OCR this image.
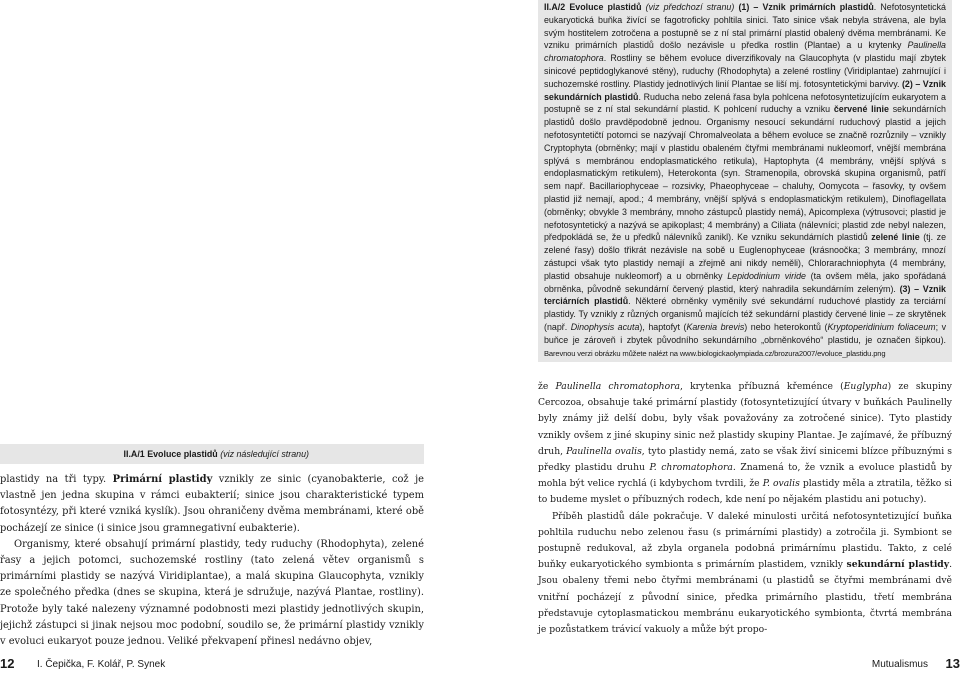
II.A/2 Evoluce plastidů (viz předchozí stranu) (1) – Vznik primárních plastidů. Nefotosyntetická eukaryotická buňka živící se fagotroficky pohltila sinici. Tato sinice však nebyla strávena, ale byla svým hostitelem zotročena a postupně se z ní stal primární plastid obalený dvěma membránami. Ke vzniku primárních plastidů došlo nezávisle u předka rostlin (Plantae) a u krytenky Paulinella chromatophora. Rostliny se během evoluce diverzifikovaly na Glaucophyta (v plastidu mají zbytek sinicové peptidoglykanové stěny), ruduchy (Rhodophyta) a zelené rostliny (Viridiplantae) zahrnující i suchozemské rostliny. Plastidy jednotlivých linií Plantae se liší mj. fotosyntetickými barvivy. (2) – Vznik sekundárních plastidů. Ruducha nebo zelená řasa byla pohlcena nefotosyntetizujícím eukaryotem a postupně se z ní stal sekundární plastid. K pohlcení ruduchy a vzniku červené linie sekundárních plastidů došlo pravděpodobně jednou. Organismy nesoucí sekundární ruduchový plastid a jejich nefotosyntetičtí potomci se nazývají Chromalveolata a během evoluce se značně rozrůznily – vznikly Cryptophyta (obrněnky; mají v plastidu obaleném čtyřmi membránami nukleomorf, vnější membrána splývá s membránou endoplasmatického retikula), Haptophyta (4 membrány, vnější splývá s endoplasmatickým retikulem), Heterokonta (syn. Stramenopila, obrovská skupina organismů, patří sem např. Bacillariophyceae – rozsivky, Phaeophyceae – chaluhy, Oomycota – řasovky, ty ovšem plastid již nemají, apod.; 4 membrány, vnější splývá s endoplasmatickým retikulem), Dinoflagellata (obrněnky; obvykle 3 membrány, mnoho zástupců plastidy nemá), Apicomplexa (výtrusovci; plastid je nefotosyntetický a nazývá se apikoplast; 4 membrány) a Ciliata (nálevníci; plastid zde nebyl nalezen, předpokládá se, že u předků nálevníků zanikl). Ke vzniku sekundárních plastidů zelené linie (tj. ze zelené řasy) došlo třikrát nezávisle na sobě u Euglenophyceae (krásnoočka; 3 membrány, mnozí zástupci však tyto plastidy nemají a zřejmě ani nikdy neměli), Chlorarachniophyta (4 membrány, plastid obsahuje nukleomorf) a u obrněnky Lepidodinium viride (ta ovšem měla, jako spořádaná obrněnka, původně sekundární červený plastid, který nahradila sekundárním zeleným). (3) – Vznik terciárních plastidů. Některé obrněnky vyměnily své sekundární ruduchové plastidy za terciární plastidy. Ty vznikly z různých organismů majících též sekundární plastidy červené linie – ze skrytěnek (např. Dinophysis acuta), haptofyt (Karenia brevis) nebo heterokontů (Kryptoperidinium foliaceum; v buňce je zároveň i zbytek původního sekundárního „obrněnkového“ plastidu, je označen šipkou). Barevnou verzi obrázku můžete nalézt na www.biologickaolympiada.cz/brozura2007/evoluce_plastidu.png

II.A/1 Evoluce plastidů (viz následující stranu)

plastidy na tři typy. Primární plastidy vznikly ze sinic (cyanobakterie, což je vlastně jen jedna skupina v rámci eubakterií; sinice jsou charakteristické typem fotosyntézy, při které vzniká kyslík). Jsou ohraničeny dvěma membránami, které obě pocházejí ze sinice (i sinice jsou gramnegativní eubakterie).

Organismy, které obsahují primární plastidy, tedy ruduchy (Rhodophyta), zelené řasy a jejich potomci, suchozemské rostliny (tato zelená větev organismů s primárními plastidy se nazývá Viridiplantae), a malá skupina Glaucophyta, vznikly ze společného předka (dnes se skupina, která je sdružuje, nazývá Plantae, rostliny). Protože byly také nalezeny významné podobnosti mezi plastidy jednotlivých skupin, jejichž zástupci si jinak nejsou moc podobní, soudilo se, že primární plastidy vznikly v evoluci eukaryot pouze jednou. Veliké překvapení přinesl nedávno objev,

že Paulinella chromatophora, krytenka příbuzná křeménce (Euglypha) ze skupiny Cercozoa, obsahuje také primární plastidy (fotosyntetizující útvary v buňkách Paulinelly byly známy již delší dobu, byly však považovány za zotročené sinice). Tyto plastidy vznikly ovšem z jiné skupiny sinic než plastidy skupiny Plantae. Je zajímavé, že příbuzný druh, Paulinella ovalis, tyto plastidy nemá, zato se však živí sinicemi blízce příbuznými s předky plastidu druhu P. chromatophora. Znamená to, že vznik a evoluce plastidů by mohla být velice rychlá (i kdybychom tvrdili, že P. ovalis plastidy měla a ztratila, těžko si to budeme myslet o příbuzných rodech, kde není po nějakém plastidu ani potuchy).

Příběh plastidů dále pokračuje. V daleké minulosti určitá nefotosyntetizující buňka pohltila ruduchu nebo zelenou řasu (s primárními plastidy) a zotročila ji. Symbiont se postupně redukoval, až zbyla organela podobná primárnímu plastidu. Takto, z celé buňky eukaryotického symbionta s primárním plastidem, vznikly sekundární plastidy. Jsou obaleny třemi nebo čtyřmi membránami (u plastidů se čtyřmi membránami dvě vnitřní pocházejí z původní sinice, předka primárního plastidu, třetí membrána představuje cytoplasmatickou membránu eukaryotického symbionta, čtvrtá membrána je pozůstatkem trávicí vakuoly a může být propo-

12 I. Čepička, F. Kolář, P. Synek	Mutualismus 13
